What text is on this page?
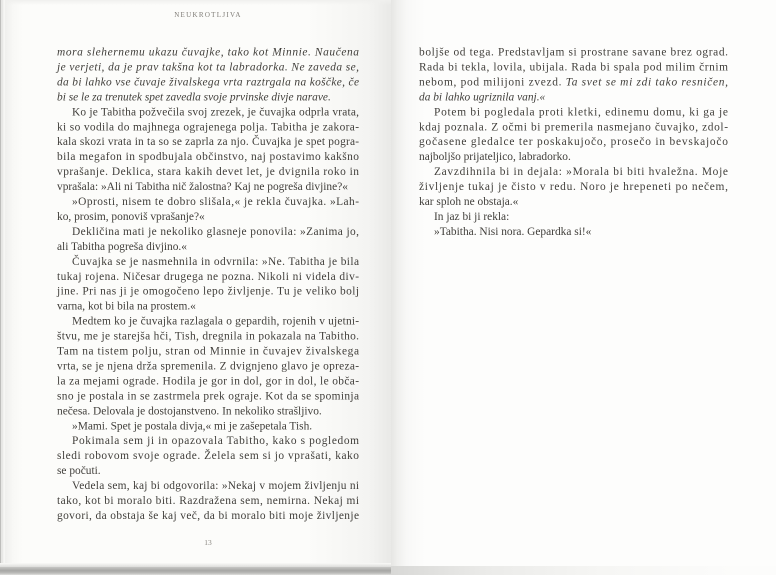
NEUKROTLJIVA
mora slehernemu ukazu čuvajke, tako kot Minnie. Naučena
je verjeti, da je prav takšna kot ta labradorka. Ne zaveda se,
da bi lahko vse čuvaje živalskega vrta raztrgala na koščke, če
bi se le za trenutek spet zavedla svoje prvinske divje narave.
Ko je Tabitha požvečila svoj zrezek, je čuvajka odprla vrata,
ki so vodila do majhnega ograjenega polja. Tabitha je zakora-
kala skozi vrata in ta so se zaprla za njo. Čuvajka je spet pogra-
bila megafon in spodbujala občinstvo, naj postavimo kakšno
vprašanje. Deklica, stara kakih devet let, je dvignila roko in
vprašala: »Ali ni Tabitha nič žalostna? Kaj ne pogreša divjine?«
»Oprosti, nisem te dobro slišala,« je rekla čuvajka. »Lah-
ko, prosim, ponoviš vprašanje?«
Dekličina mati je nekoliko glasneje ponovila: »Zanima jo,
ali Tabitha pogreša divjino.«
Čuvajka se je nasmehnila in odvrnila: »Ne. Tabitha je bila
tukaj rojena. Ničesar drugega ne pozna. Nikoli ni videla div-
jine. Pri nas ji je omogočeno lepo življenje. Tu je veliko bolj
varna, kot bi bila na prostem.«
Medtem ko je čuvajka razlagala o gepardih, rojenih v ujetni-
štvu, me je starejša hči, Tish, dregnila in pokazala na Tabitho.
Tam na tistem polju, stran od Minnie in čuvajev živalskega
vrta, se je njena drža spremenila. Z dvignjeno glavo je opreza-
la za mejami ograde. Hodila je gor in dol, gor in dol, le obča-
sno je postala in se zastrmela prek ograje. Kot da se spominja
nečesa. Delovala je dostojanstveno. In nekoliko strašljivo.
»Mami. Spet je postala divja,« mi je zašepetala Tish.
Pokimala sem ji in opazovala Tabitho, kako s pogledom
sledi robovom svoje ograde. Želela sem si jo vprašati, kako
se počuti.
Vedela sem, kaj bi odgovorila: »Nekaj v mojem življenju ni
tako, kot bi moralo biti. Razdražena sem, nemirna. Nekaj mi
govori, da obstaja še kaj več, da bi moralo biti moje življenje
13
boljše od tega. Predstavljam si prostrane savane brez ograd.
Rada bi tekla, lovila, ubijala. Rada bi spala pod milim črnim
nebom, pod milijoni zvezd. Ta svet se mi zdi tako resničen,
da bi lahko ugriznila vanj.«
Potem bi pogledala proti kletki, edinemu domu, ki ga je
kdaj poznala. Z očmi bi premerila nasmejano čuvajko, zdol-
gočasene gledalce ter poskakujočo, prosečo in bevskajočo
najboljšo prijateljico, labradorko.
Zavzdihnila bi in dejala: »Morala bi biti hvaležna. Moje
življenje tukaj je čisto v redu. Noro je hrepeneti po nečem,
kar sploh ne obstaja.«
In jaz bi ji rekla:
»Tabitha. Nisi nora. Gepardka si!«
